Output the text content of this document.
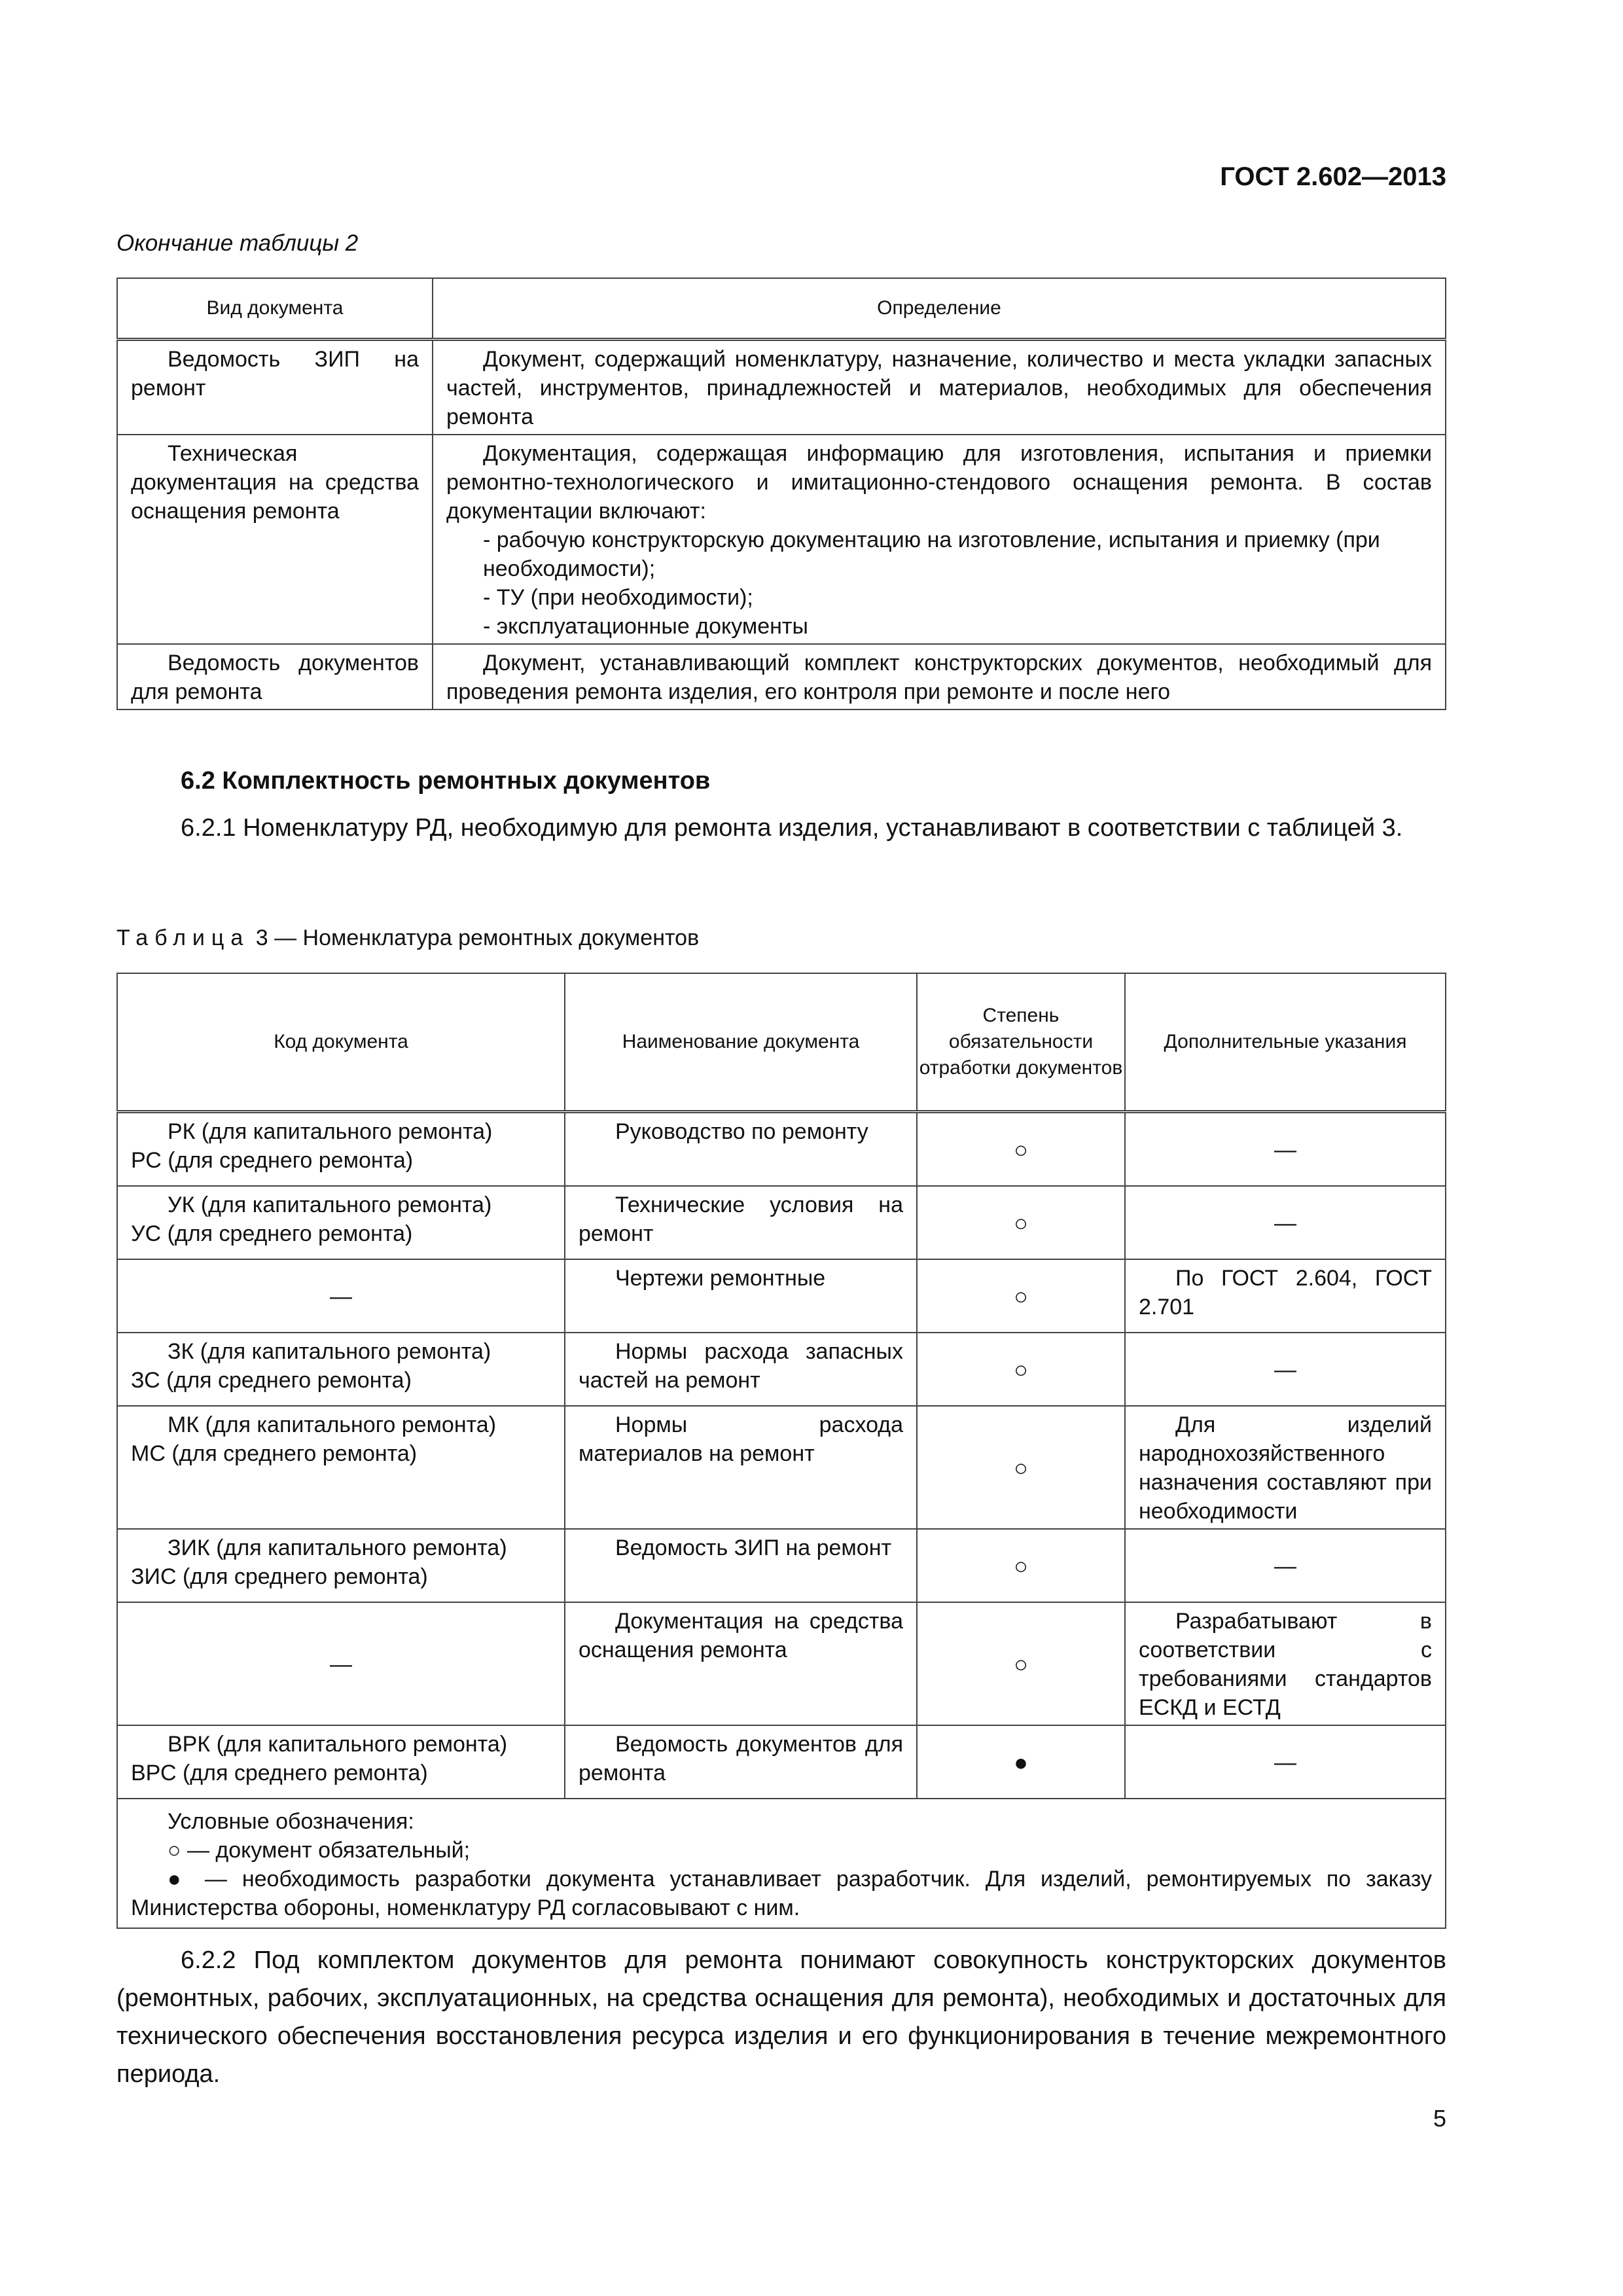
ГОСТ 2.602—2013
Окончание таблицы 2
Вид документа	Определение
Ведомость ЗИП на ремонт	Документ, содержащий номенклатуру, назначение, количество и места укладки запасных частей, инструментов, принадлежностей и материалов, необходимых для обеспечения ремонта
Техническая документация на средства оснащения ремонта	Документация, содержащая информацию для изготовления, испытания и приемки ремонтно-технологического и имитационно-стендового оснащения ремонта. В состав документации включают:
- рабочую конструкторскую документацию на изготовление, испытания и приемку (при необходимости);
- ТУ (при необходимости);
- эксплуатационные документы

Ведомость документов для ремонта	Документ, устанавливающий комплект конструкторских документов, необходимый для проведения ремонта изделия, его контроля при ремонте и после него
6.2 Комплектность ремонтных документов
6.2.1 Номенклатуру РД, необходимую для ремонта изделия, устанавливают в соответствии с таблицей 3.
Таблица 3 — Номенклатура ремонтных документов
Код документа	Наименование документа	Степень обязательности отработки документов	Дополнительные указания
РК (для капитального ремонта)
РС (для среднего ремонта)	Руководство по ремонту	○	—
УК (для капитального ремонта)
УС (для среднего ремонта)	Технические условия на ремонт	○	—
—	Чертежи ремонтные	○	По ГОСТ 2.604, ГОСТ 2.701
ЗК (для капитального ремонта)
ЗС (для среднего ремонта)	Нормы расхода запасных частей на ремонт	○	—
МК (для капитального ремонта)
МС (для среднего ремонта)	Нормы расхода материалов на ремонт	○	Для изделий народнохозяйственного назначения составляют при необходимости
ЗИК (для капитального ремонта)
ЗИС (для среднего ремонта)	Ведомость ЗИП на ремонт	○	—
—	Документация на средства оснащения ремонта	○	Разрабатывают в соответствии с требованиями стандартов ЕСКД и ЕСТД
ВРК (для капитального ремонта)
ВРС (для среднего ремонта)	Ведомость документов для ремонта	●	—

Условные обозначения:
○ — документ обязательный;
● — необходимость разработки документа устанавливает разработчик. Для изделий, ремонтируемых по заказу Министерства обороны, номенклатуру РД согласовывают с ним.			
6.2.2 Под комплектом документов для ремонта понимают совокупность конструкторских документов (ремонтных, рабочих, эксплуатационных, на средства оснащения для ремонта), необходимых и достаточных для технического обеспечения восстановления ресурса изделия и его функционирования в течение межремонтного периода.
5
